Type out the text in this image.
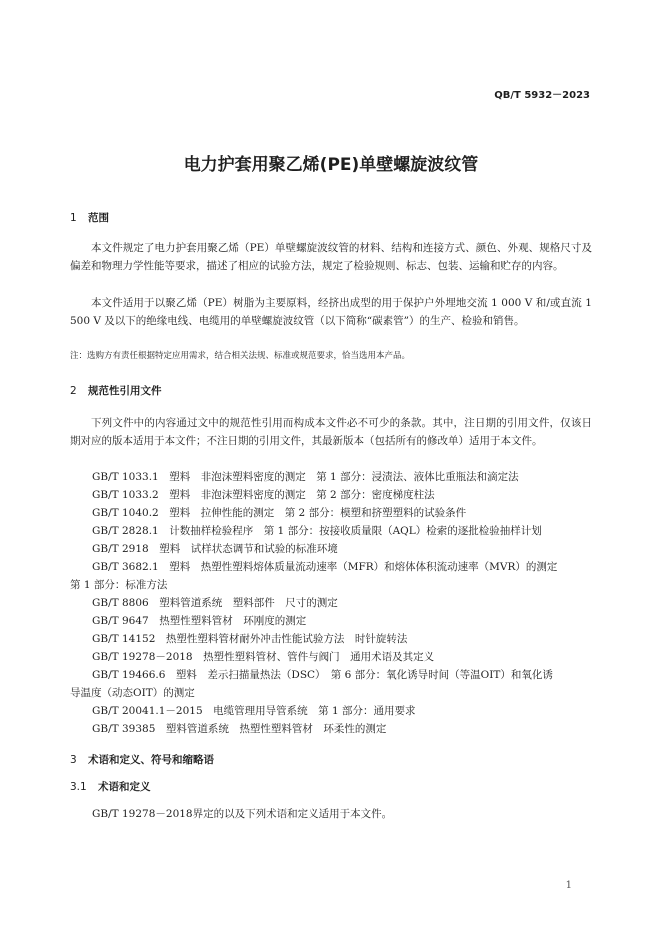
QB/T 5932－2023
电力护套用聚乙烯(PE)单壁螺旋波纹管
1 范围
本文件规定了电力护套用聚乙烯（PE）单壁螺旋波纹管的材料、结构和连接方式、颜色、外观、规格尺寸及偏差和物理力学性能等要求，描述了相应的试验方法，规定了检验规则、标志、包装、运输和贮存的内容。
本文件适用于以聚乙烯（PE）树脂为主要原料，经挤出成型的用于保护户外埋地交流 1 000 V 和/或直流 1 500 V 及以下的绝缘电线、电缆用的单壁螺旋波纹管（以下简称“碳素管”）的生产、检验和销售。
注：选购方有责任根据特定应用需求，结合相关法规、标准或规范要求，恰当选用本产品。
2 规范性引用文件
下列文件中的内容通过文中的规范性引用而构成本文件必不可少的条款。其中，注日期的引用文件，仅该日期对应的版本适用于本文件；不注日期的引用文件，其最新版本（包括所有的修改单）适用于本文件。
GB/T 1033.1　塑料　非泡沫塑料密度的测定　第 1 部分：浸渍法、液体比重瓶法和滴定法
GB/T 1033.2　塑料　非泡沫塑料密度的测定　第 2 部分：密度梯度柱法
GB/T 1040.2　塑料　拉伸性能的测定　第 2 部分：模塑和挤塑塑料的试验条件
GB/T 2828.1　计数抽样检验程序　第 1 部分：按接收质量限（AQL）检索的逐批检验抽样计划
GB/T 2918　塑料　试样状态调节和试验的标准环境
GB/T 3682.1　塑料　热塑性塑料熔体质量流动速率（MFR）和熔体体积流动速率（MVR）的测定
第 1 部分：标准方法
GB/T 8806　塑料管道系统　塑料部件　尺寸的测定
GB/T 9647　热塑性塑料管材　环刚度的测定
GB/T 14152　热塑性塑料管材耐外冲击性能试验方法　时针旋转法
GB/T 19278－2018　热塑性塑料管材、管件与阀门　通用术语及其定义
GB/T 19466.6　塑料　差示扫描量热法（DSC）　第 6 部分：氧化诱导时间（等温OIT）和氧化诱
导温度（动态OIT）的测定
GB/T 20041.1－2015　电缆管理用导管系统　第 1 部分：通用要求
GB/T 39385　塑料管道系统　热塑性塑料管材　环柔性的测定
3 术语和定义、符号和缩略语
3.1 术语和定义
GB/T 19278－2018界定的以及下列术语和定义适用于本文件。
1
